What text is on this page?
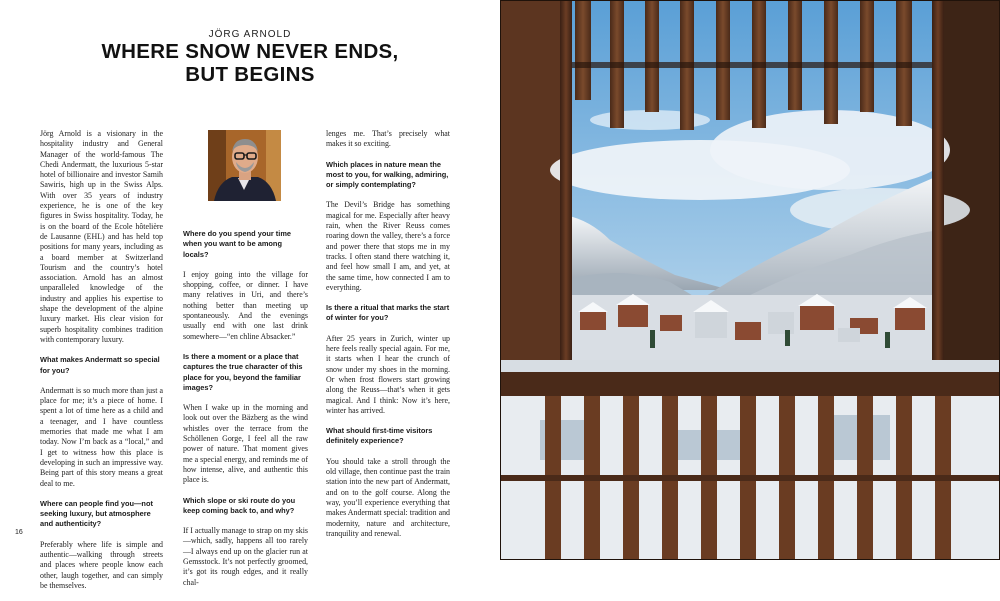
JÖRG ARNOLD
WHERE SNOW NEVER ENDS,
BUT BEGINS

Jörg Arnold is a visionary in the hospitality industry and General Manager of the world-famous The Chedi Andermatt, the luxurious 5-star hotel of billionaire and investor Samih Sawiris, high up in the Swiss Alps. With over 35 years of industry experience, he is one of the key figures in Swiss hospitality. Today, he is on the board of the Ecole hôtelière de Lausanne (EHL) and has held top positions for many years, including as a board member at Switzerland Tourism and the country’s hotel association. Arnold has an almost unparalleled knowledge of the industry and applies his expertise to shape the development of the alpine luxury market. His clear vision for superb hospitality combines tradition with contemporary luxury.

What makes Andermatt so special for you?

Andermatt is so much more than just a place for me; it’s a piece of home. I spent a lot of time here as a child and a teenager, and I have countless memories that made me what I am today. Now I’m back as a “local,” and I get to witness how this place is developing in such an impressive way. Being part of this story means a great deal to me.

Where can people find you—not seeking luxury, but atmosphere and authenticity?

Preferably where life is simple and authentic—walking through streets and places where people know each other, laugh together, and can simply be themselves.

Where do you spend your time when you want to be among locals?

I enjoy going into the village for shopping, coffee, or dinner. I have many relatives in Uri, and there’s nothing better than meeting up spontaneously. And the evenings usually end with one last drink somewhere—“en chline Absacker.”

Is there a moment or a place that captures the true character of this place for you, beyond the familiar images?

When I wake up in the morning and look out over the Bäzberg as the wind whistles over the terrace from the Schöllenen Gorge, I feel all the raw power of nature. That moment gives me a special energy, and reminds me of how intense, alive, and authentic this place is.

Which slope or ski route do you keep coming back to, and why?

If I actually manage to strap on my skis—which, sadly, happens all too rarely—I always end up on the glacier run at Gemsstock. It’s not perfectly groomed, it’s got its rough edges, and it really chal-

lenges me. That’s precisely what makes it so exciting.

Which places in nature mean the most to you, for walking, admiring, or simply contemplating?

The Devil’s Bridge has something magical for me. Especially after heavy rain, when the River Reuss comes roaring down the valley, there’s a force and power there that stops me in my tracks. I often stand there watching it, and feel how small I am, and yet, at the same time, how connected I am to everything.

Is there a ritual that marks the start of winter for you?

After 25 years in Zurich, winter up here feels really special again. For me, it starts when I hear the crunch of snow under my shoes in the morning. Or when frost flowers start growing along the Reuss—that’s when it gets magical. And I think: Now it’s here, winter has arrived.

What should first-time visitors definitely experience?

You should take a stroll through the old village, then continue past the train station into the new part of Andermatt, and on to the golf course. Along the way, you’ll experience everything that makes Andermatt special: tradition and modernity, nature and architecture, tranquility and renewal.

16
